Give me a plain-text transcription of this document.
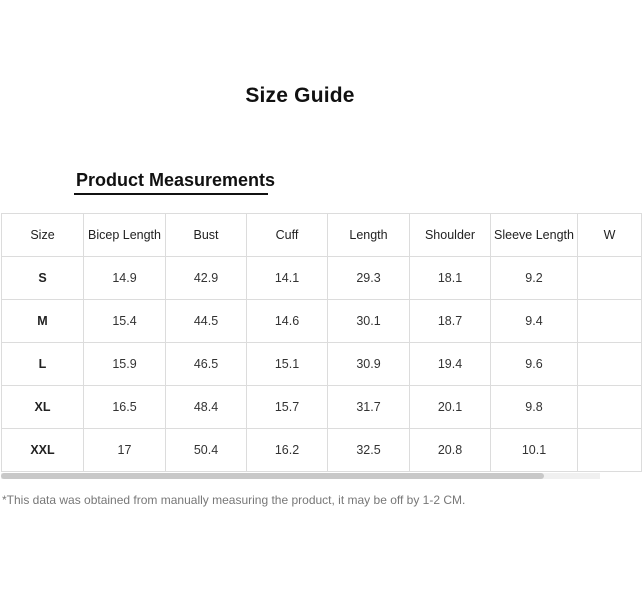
Size Guide
Product Measurements
Size	Bicep Length	Bust	Cuff	Length	Shoulder	Sleeve Length	W
S	14.9	42.9	14.1	29.3	18.1	9.2	
M	15.4	44.5	14.6	30.1	18.7	9.4	
L	15.9	46.5	15.1	30.9	19.4	9.6	
XL	16.5	48.4	15.7	31.7	20.1	9.8	
XXL	17	50.4	16.2	32.5	20.8	10.1	
*This data was obtained from manually measuring the product, it may be off by 1-2 CM.
